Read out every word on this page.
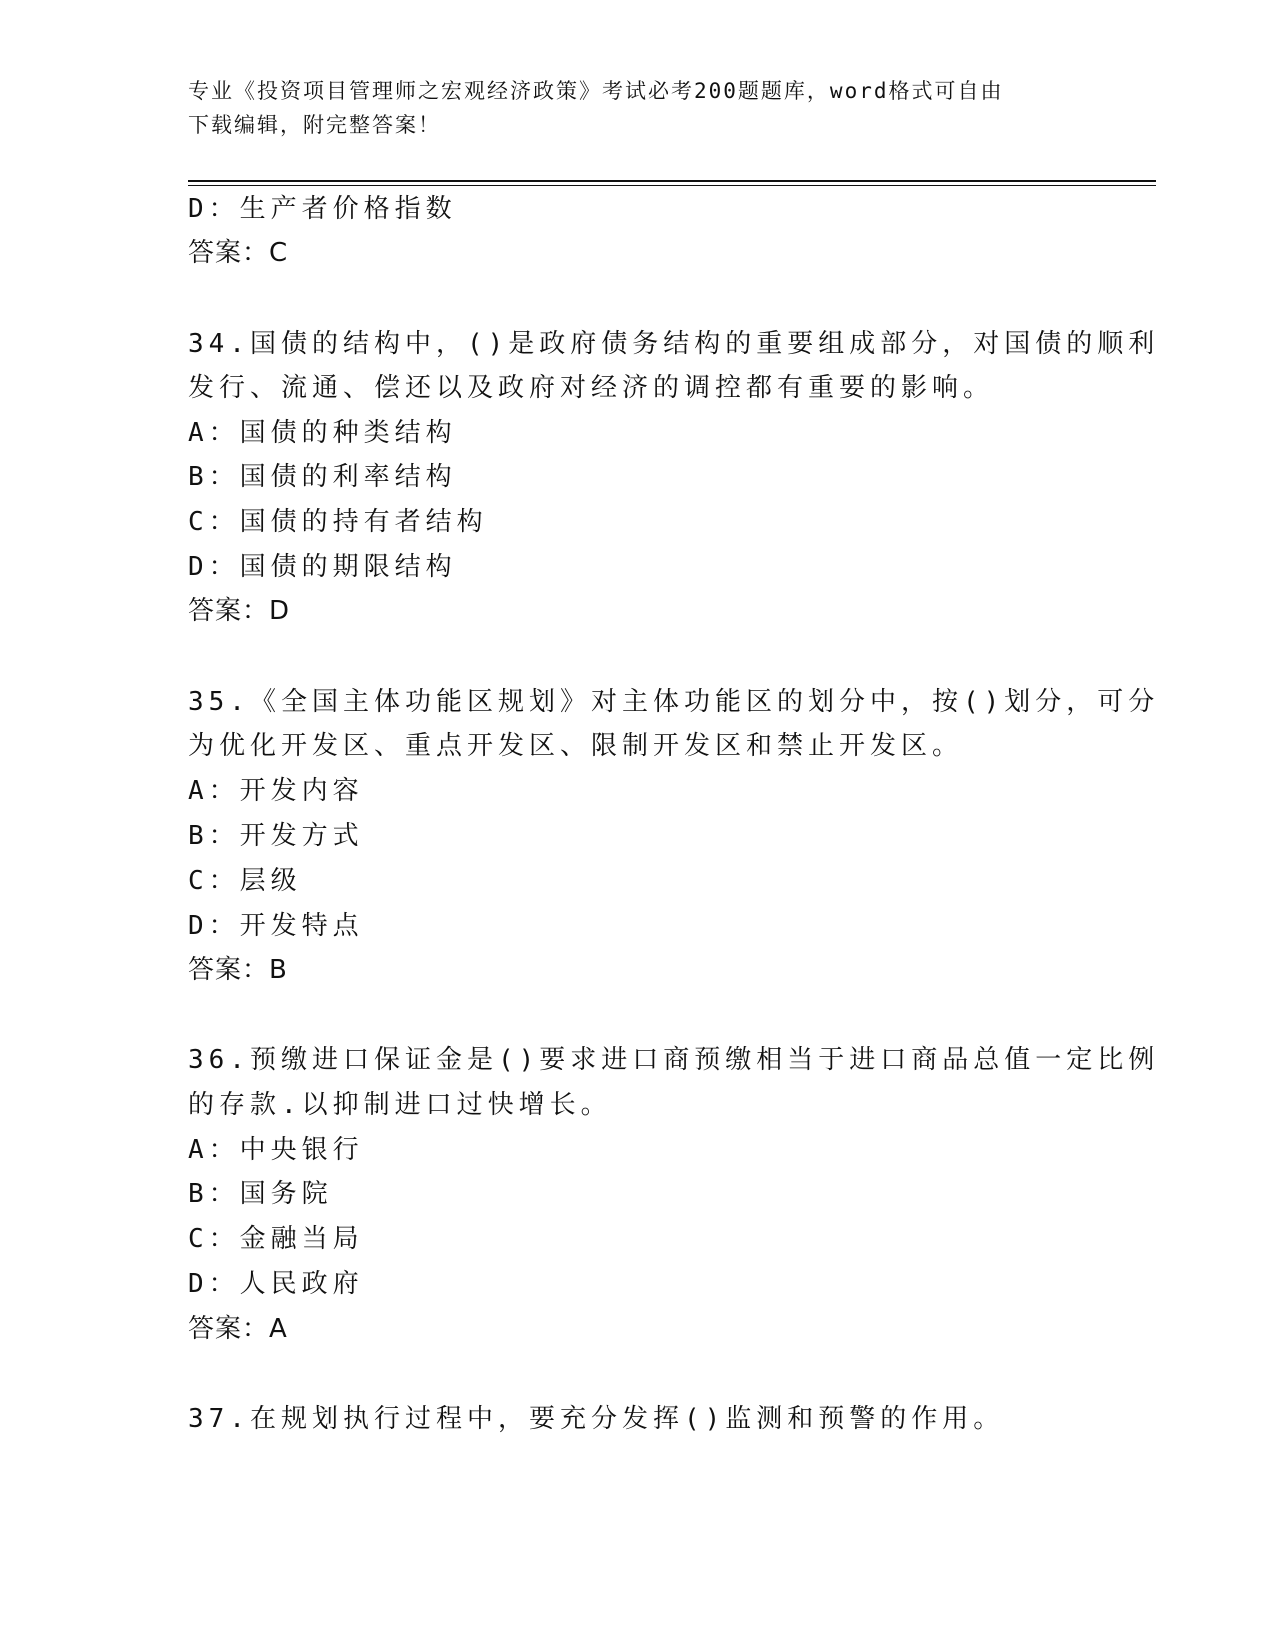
专业《投资项目管理师之宏观经济政策》考试必考200题题库，word格式可自由
下载编辑，附完整答案！
D：生产者价格指数
答案：C
34.国债的结构中，()是政府债务结构的重要组成部分，对国债的顺利
发行、流通、偿还以及政府对经济的调控都有重要的影响。
A：国债的种类结构
B：国债的利率结构
C：国债的持有者结构
D：国债的期限结构
答案：D
35.《全国主体功能区规划》对主体功能区的划分中，按()划分，可分
为优化开发区、重点开发区、限制开发区和禁止开发区。
A：开发内容
B：开发方式
C：层级
D：开发特点
答案：B
36.预缴进口保证金是()要求进口商预缴相当于进口商品总值一定比例
的存款.以抑制进口过快增长。
A：中央银行
B：国务院
C：金融当局
D：人民政府
答案：A
37.在规划执行过程中，要充分发挥()监测和预警的作用。
